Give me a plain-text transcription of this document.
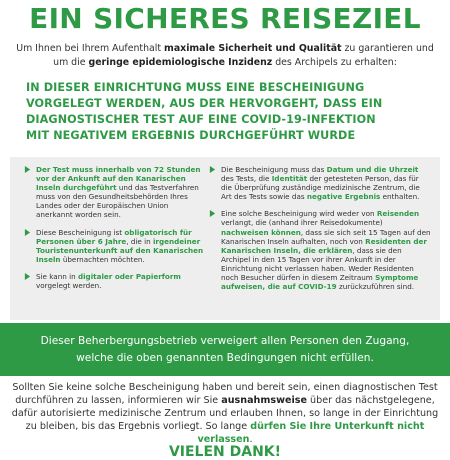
EIN SICHERES REISEZIEL
Um Ihnen bei Ihrem Aufenthalt maximale Sicherheit und Qualität zu garantieren und um die geringe epidemiologische Inzidenz des Archipels zu erhalten:
IN DIESER EINRICHTUNG MUSS EINE BESCHEINIGUNG
VORGELEGT WERDEN, AUS DER HERVORGEHT, DASS EIN
DIAGNOSTISCHER TEST AUF EINE COVID-19-INFEKTION
MIT NEGATIVEM ERGEBNIS DURCHGEFÜHRT WURDE
Der Test muss innerhalb von 72 Stunden vor der Ankunft auf den Kanarischen Inseln durchgeführt und das Testverfahren muss von den Gesundheitsbehörden Ihres Landes oder der Europäischen Union anerkannt worden sein.
Diese Bescheinigung ist obligatorisch für Personen über 6 Jahre, die in irgendeiner Touristenunterkunft auf den Kanarischen Inseln übernachten möchten.
Sie kann in digitaler oder Papierform vorgelegt werden.
Die Bescheinigung muss das Datum und die Uhrzeit des Tests, die Identität der getesteten Person, das für die Überprüfung zuständige medizinische Zentrum, die Art des Tests sowie das negative Ergebnis enthalten.
Eine solche Bescheinigung wird weder von Reisenden verlangt, die (anhand ihrer Reisedokumente) nachweisen können, dass sie sich seit 15 Tagen auf den Kanarischen Inseln aufhalten, noch von Residenten der Kanarischen Inseln, die erklären, dass sie den Archipel in den 15 Tagen vor ihrer Ankunft in der Einrichtung nicht verlassen haben. Weder Residenten noch Besucher dürfen in diesem Zeitraum Symptome aufweisen, die auf COVID-19 zurückzuführen sind.
Dieser Beherbergungsbetrieb verweigert allen Personen den Zugang,
welche die oben genannten Bedingungen nicht erfüllen.
Sollten Sie keine solche Bescheinigung haben und bereit sein, einen diagnostischen Test durchführen zu lassen, informieren wir Sie ausnahmsweise über das nächstgelegene, dafür autorisierte medizinische Zentrum und erlauben Ihnen, so lange in der Einrichtung zu bleiben, bis das Ergebnis vorliegt. So lange dürfen Sie Ihre Unterkunft nicht verlassen.
VIELEN DANK!
